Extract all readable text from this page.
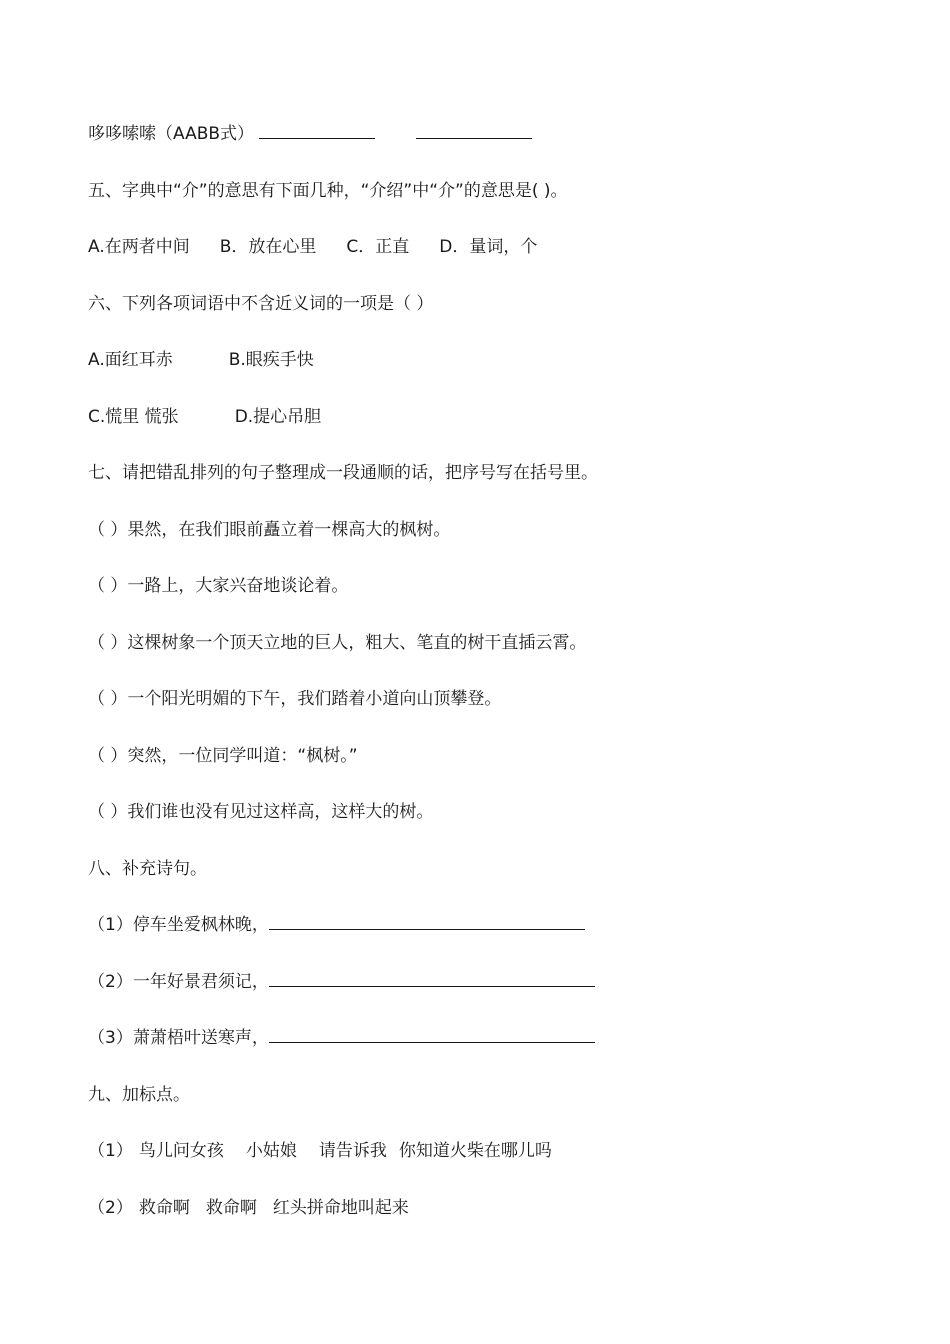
哆哆嗦嗦（AABB式）
五、字典中“介”的意思有下面几种，“介绍”中“介”的意思是( )。
A.在两者中间 B．放在心里 C．正直 D．量词，个
六、下列各项词语中不含近义词的一项是（ ）
A.面红耳赤	B.眼疾手快
C.慌里 慌张	D.提心吊胆
七、请把错乱排列的句子整理成一段通顺的话，把序号写在括号里。
（ ）果然，在我们眼前矗立着一棵高大的枫树。
（ ）一路上，大家兴奋地谈论着。
（ ）这棵树象一个顶天立地的巨人，粗大、笔直的树干直插云霄。
（ ）一个阳光明媚的下午，我们踏着小道向山顶攀登。
（ ）突然，一位同学叫道：“枫树。”
（ ）我们谁也没有见过这样高，这样大的树。
八、补充诗句。
（1）停车坐爱枫林晚，
（2）一年好景君须记，
（3）萧萧梧叶送寒声，
九、加标点。
（1） 鸟儿问女孩 小姑娘 请告诉我 你知道火柴在哪儿吗
（2） 救命啊 救命啊 红头拼命地叫起来
